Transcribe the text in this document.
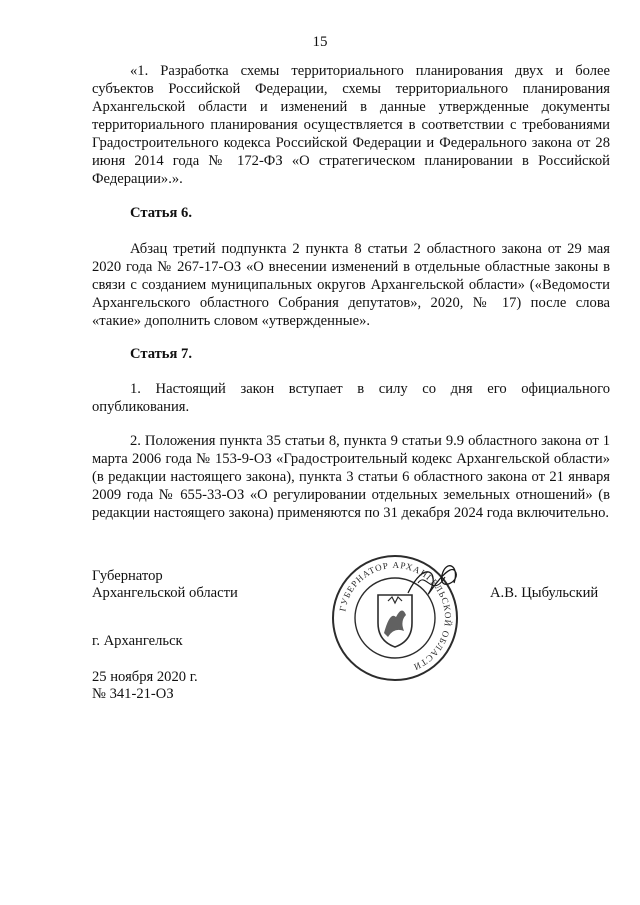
15

«1. Разработка схемы территориального планирования двух и более субъектов Российской Федерации, схемы территориального планирования Архангельской области и изменений в данные утвержденные документы территориального планирования осуществляется в соответствии с требованиями Градостроительного кодекса Российской Федерации и Федерального закона от 28 июня 2014 года № 172-ФЗ «О стратегическом планировании в Российской Федерации».».

Статья 6.

Абзац третий подпункта 2 пункта 8 статьи 2 областного закона от 29 мая 2020 года № 267-17-ОЗ «О внесении изменений в отдельные областные законы в связи с созданием муниципальных округов Архангельской области» («Ведомости Архангельского областного Собрания депутатов», 2020, № 17) после слова «такие» дополнить словом «утвержденные».

Статья 7.

1. Настоящий закон вступает в силу со дня его официального опубликования.

2. Положения пункта 35 статьи 8, пункта 9 статьи 9.9 областного закона от 1 марта 2006 года № 153-9-ОЗ «Градостроительный кодекс Архангельской области» (в редакции настоящего закона), пункта 3 статьи 6 областного закона от 21 января 2009 года № 655-33-ОЗ «О регулировании отдельных земельных отношений» (в редакции настоящего закона) применяются по 31 декабря 2024 года включительно.

Губернатор
Архангельской области	А.В. Цыбульский
ГУБЕРНАТОР АРХАНГЕЛЬСКОЙ ОБЛАСТИ
г. Архангельск
25 ноября 2020 г.
№ 341-21-ОЗ
